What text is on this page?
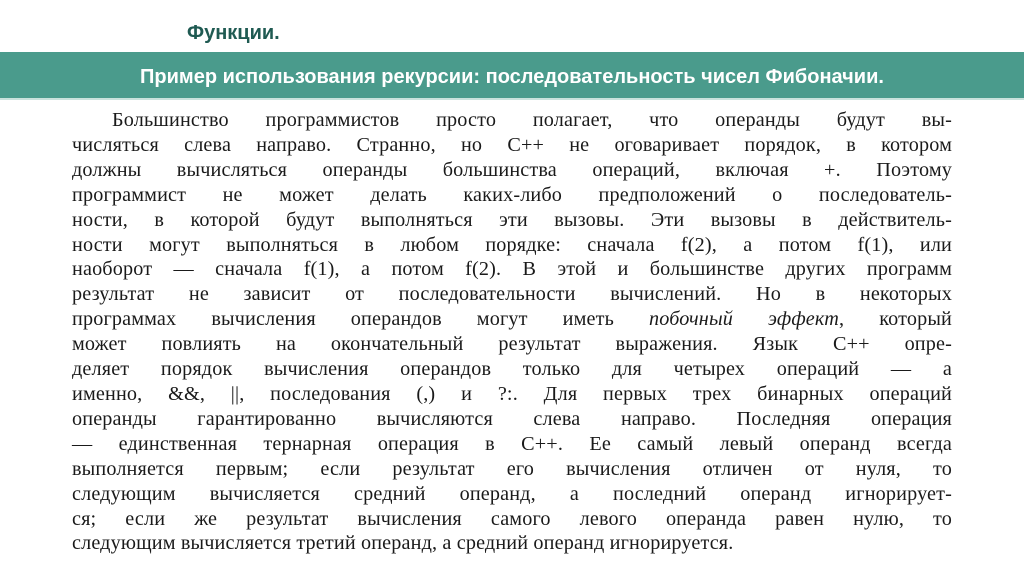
Функции.
Пример использования рекурсии: последовательность чисел Фибоначии.
Большинство программистов просто полагает, что операнды будут вы-
числяться слева направо. Странно, но C++ не оговаривает порядок, в котором
должны вычисляться операнды большинства операций, включая +. Поэтому
программист не может делать каких-либо предположений о последователь-
ности, в которой будут выполняться эти вызовы. Эти вызовы в действитель-
ности могут выполняться в любом порядке: сначала f(2), а потом f(1), или
наоборот — сначала f(1), а потом f(2). В этой и большинстве других программ
результат не зависит от последовательности вычислений. Но в некоторых
программах вычисления операндов могут иметь побочный эффект, который
может повлиять на окончательный результат выражения. Язык C++ опре-
деляет порядок вычисления операндов только для четырех операций — а
именно, &&, ||, последования (,) и ?:. Для первых трех бинарных операций
операнды гарантированно вычисляются слева направо. Последняя операция
— единственная тернарная операция в C++. Ее самый левый операнд всегда
выполняется первым; если результат его вычисления отличен от нуля, то
следующим вычисляется средний операнд, а последний операнд игнорирует-
ся; если же результат вычисления самого левого операнда равен нулю, то
следующим вычисляется третий операнд, а средний операнд игнорируется.
